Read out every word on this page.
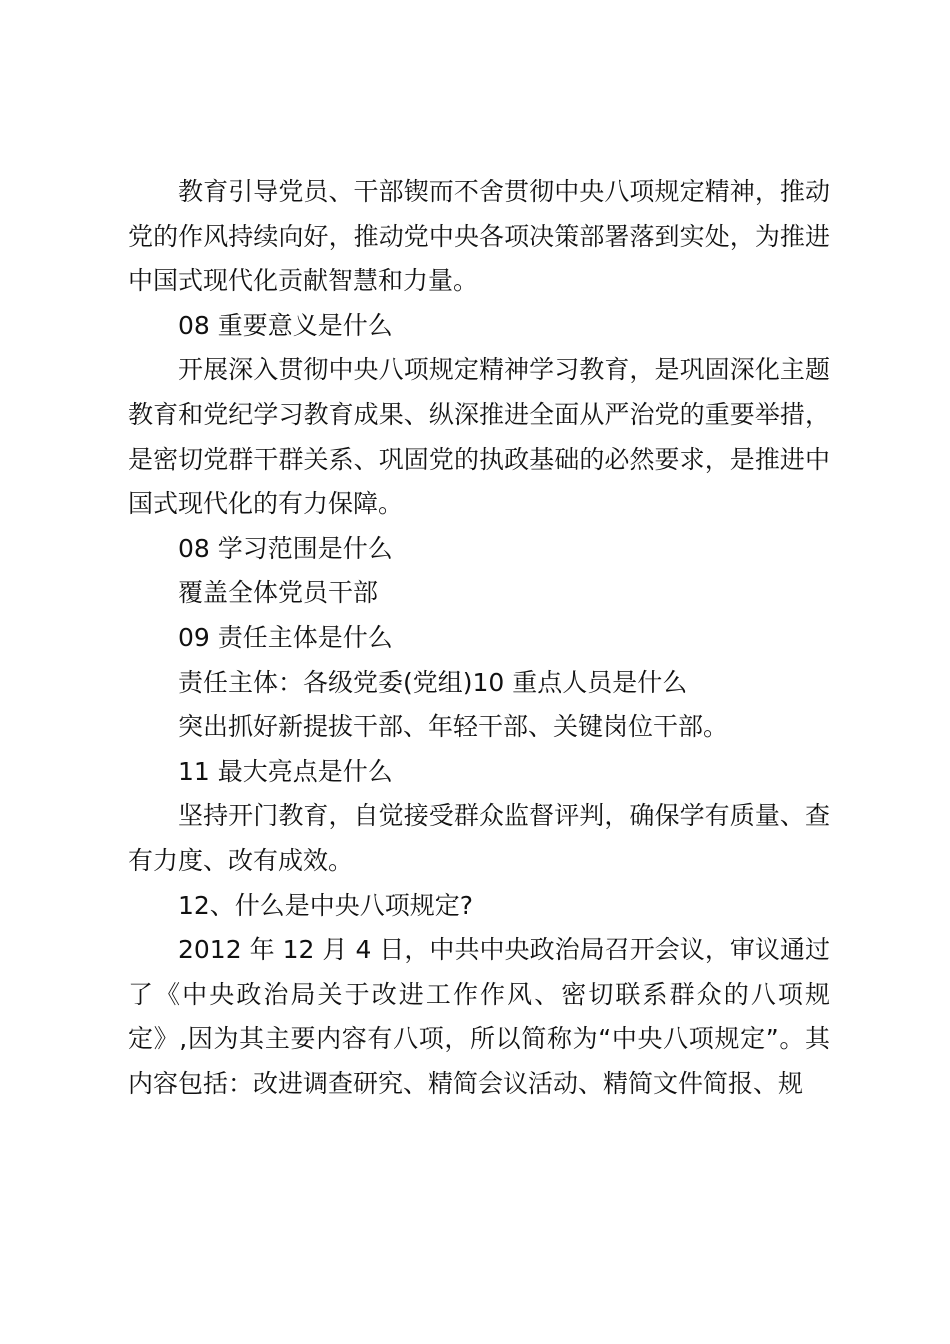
教育引导党员、干部锲而不舍贯彻中央八项规定精神，推动党的作风持续向好，推动党中央各项决策部署落到实处，为推进中国式现代化贡献智慧和力量。

08 重要意义是什么

开展深入贯彻中央八项规定精神学习教育，是巩固深化主题教育和党纪学习教育成果、纵深推进全面从严治党的重要举措，是密切党群干群关系、巩固党的执政基础的必然要求，是推进中国式现代化的有力保障。

08 学习范围是什么

覆盖全体党员干部

09 责任主体是什么

责任主体：各级党委(党组)10 重点人员是什么

突出抓好新提拔干部、年轻干部、关键岗位干部。

11 最大亮点是什么

坚持开门教育，自觉接受群众监督评判，确保学有质量、查有力度、改有成效。

12、什么是中央八项规定?

2012 年 12 月 4 日，中共中央政治局召开会议，审议通过了《中央政治局关于改进工作作风、密切联系群众的八项规定》,因为其主要内容有八项，所以简称为“中央八项规定”。其内容包括：改进调查研究、精简会议活动、精简文件简报、规
